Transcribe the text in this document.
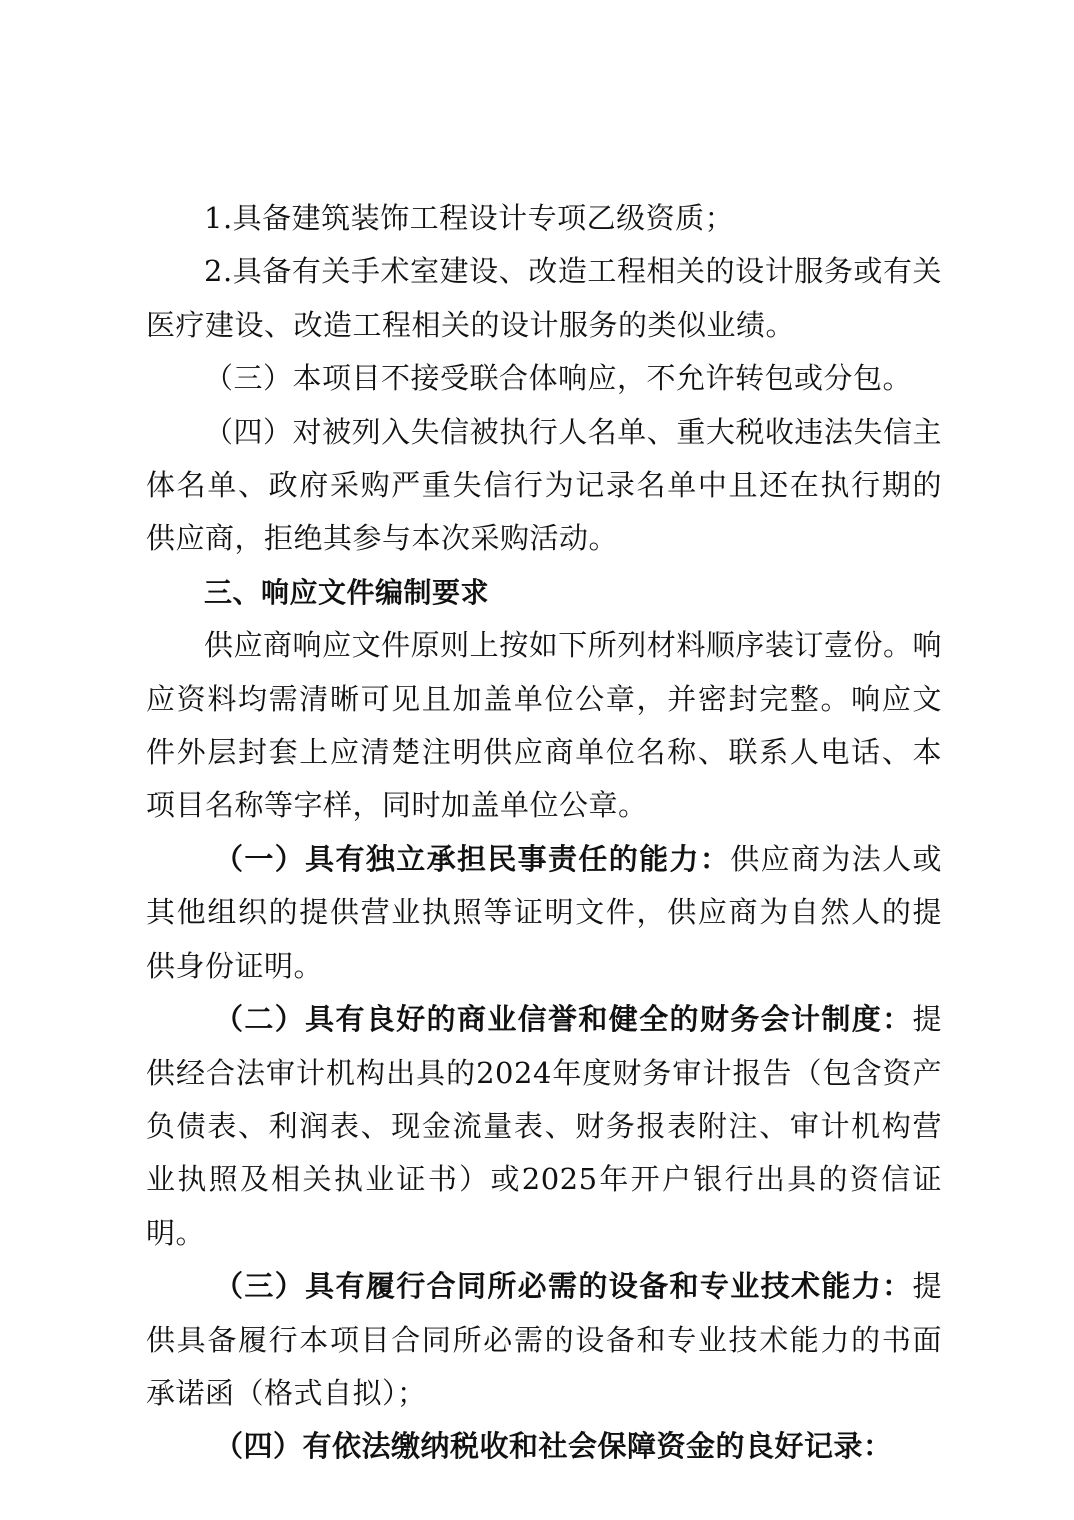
1.具备建筑装饰工程设计专项乙级资质；

2.具备有关手术室建设、改造工程相关的设计服务或有关医疗建设、改造工程相关的设计服务的类似业绩。

（三）本项目不接受联合体响应，不允许转包或分包。

（四）对被列入失信被执行人名单、重大税收违法失信主体名单、政府采购严重失信行为记录名单中且还在执行期的供应商，拒绝其参与本次采购活动。

三、响应文件编制要求

供应商响应文件原则上按如下所列材料顺序装订壹份。响应资料均需清晰可见且加盖单位公章，并密封完整。响应文件外层封套上应清楚注明供应商单位名称、联系人电话、本项目名称等字样，同时加盖单位公章。

（一）具有独立承担民事责任的能力：供应商为法人或其他组织的提供营业执照等证明文件，供应商为自然人的提供身份证明。

（二）具有良好的商业信誉和健全的财务会计制度：提供经合法审计机构出具的2024年度财务审计报告（包含资产负债表、利润表、现金流量表、财务报表附注、审计机构营业执照及相关执业证书）或2025年开户银行出具的资信证明。

（三）具有履行合同所必需的设备和专业技术能力：提供具备履行本项目合同所必需的设备和专业技术能力的书面承诺函（格式自拟）；

（四）有依法缴纳税收和社会保障资金的良好记录：
